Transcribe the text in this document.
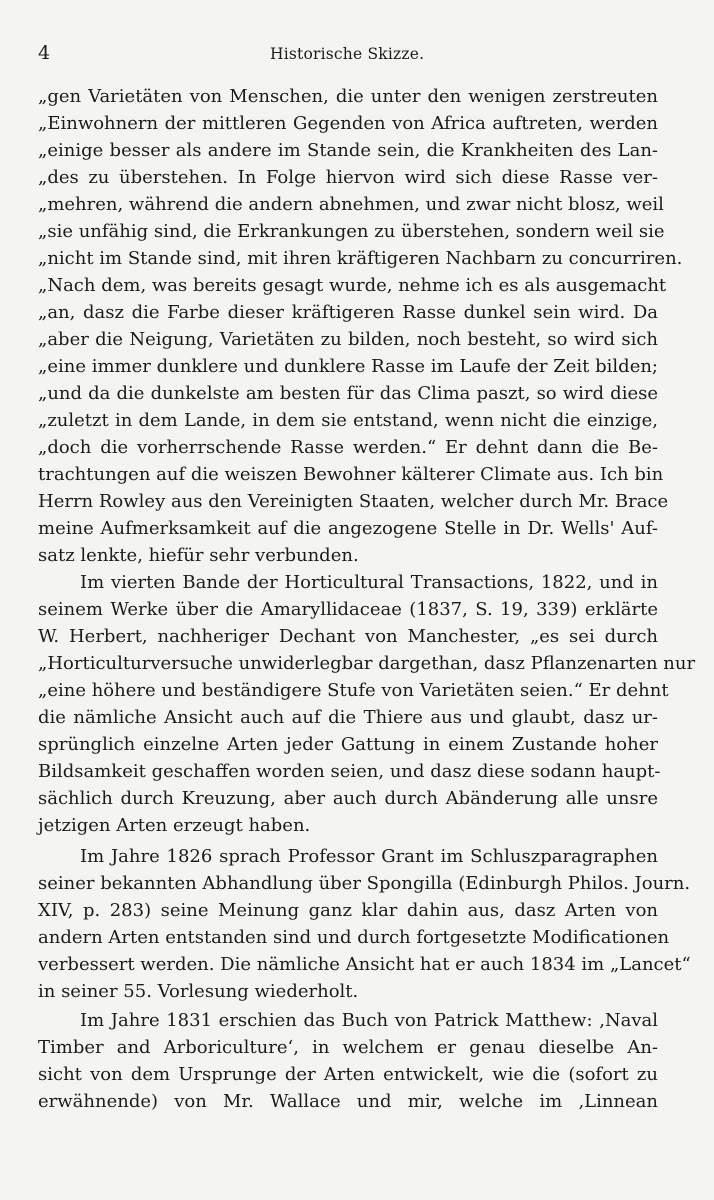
4	Historische Skizze.
„gen Varietäten von Menschen, die unter den wenigen zerstreuten
„Einwohnern der mittleren Gegenden von Africa auftreten, werden
„einige besser als andere im Stande sein, die Krankheiten des Lan-
„des zu überstehen. In Folge hiervon wird sich diese Rasse ver-
„mehren, während die andern abnehmen, und zwar nicht blosz, weil
„sie unfähig sind, die Erkrankungen zu überstehen, sondern weil sie
„nicht im Stande sind, mit ihren kräftigeren Nachbarn zu concurriren.
„Nach dem, was bereits gesagt wurde, nehme ich es als ausgemacht
„an, dasz die Farbe dieser kräftigeren Rasse dunkel sein wird. Da
„aber die Neigung, Varietäten zu bilden, noch besteht, so wird sich
„eine immer dunklere und dunklere Rasse im Laufe der Zeit bilden;
„und da die dunkelste am besten für das Clima paszt, so wird diese
„zuletzt in dem Lande, in dem sie entstand, wenn nicht die einzige,
„doch die vorherrschende Rasse werden.“ Er dehnt dann die Be-
trachtungen auf die weiszen Bewohner kälterer Climate aus. Ich bin
Herrn Rowley aus den Vereinigten Staaten, welcher durch Mr. Brace
meine Aufmerksamkeit auf die angezogene Stelle in Dr. Wells' Auf-
satz lenkte, hiefür sehr verbunden.
Im vierten Bande der Horticultural Transactions, 1822, und in
seinem Werke über die Amaryllidaceae (1837, S. 19, 339) erklärte
W. Herbert, nachheriger Dechant von Manchester, „es sei durch
„Horticulturversuche unwiderlegbar dargethan, dasz Pflanzenarten nur
„eine höhere und beständigere Stufe von Varietäten seien.“ Er dehnt
die nämliche Ansicht auch auf die Thiere aus und glaubt, dasz ur-
sprünglich einzelne Arten jeder Gattung in einem Zustande hoher
Bildsamkeit geschaffen worden seien, und dasz diese sodann haupt-
sächlich durch Kreuzung, aber auch durch Abänderung alle unsre
jetzigen Arten erzeugt haben.
Im Jahre 1826 sprach Professor Grant im Schluszparagraphen
seiner bekannten Abhandlung über Spongilla (Edinburgh Philos. Journ.
XIV, p. 283) seine Meinung ganz klar dahin aus, dasz Arten von
andern Arten entstanden sind und durch fortgesetzte Modificationen
verbessert werden. Die nämliche Ansicht hat er auch 1834 im „Lancet“
in seiner 55. Vorlesung wiederholt.
Im Jahre 1831 erschien das Buch von Patrick Matthew: ‚Naval
Timber and Arboriculture‘, in welchem er genau dieselbe An-
sicht von dem Ursprunge der Arten entwickelt, wie die (sofort zu
erwähnende) von Mr. Wallace und mir, welche im ‚Linnean
